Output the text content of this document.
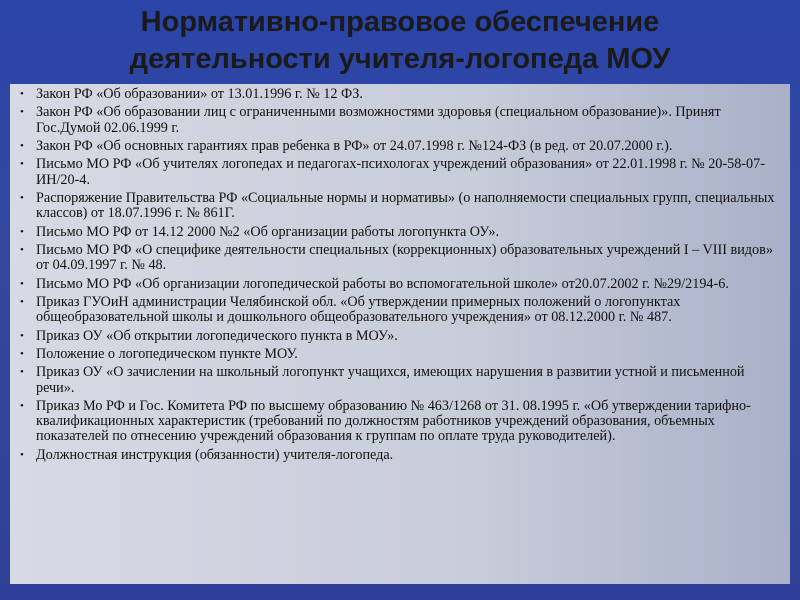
Нормативно-правовое обеспечение
деятельности учителя-логопеда МОУ
• Закон РФ «Об образовании» от 13.01.1996 г. № 12 ФЗ.
• Закон РФ «Об образовании лиц с ограниченными возможностями здоровья (специальном образование)». Принят Гос.Думой 02.06.1999 г.
• Закон РФ «Об основных гарантиях прав ребенка в РФ» от 24.07.1998 г. №124-ФЗ (в ред. от 20.07.2000 г.).
• Письмо МО РФ «Об учителях логопедах и педагогах-психологах учреждений образования» от 22.01.1998 г. № 20-58-07-ИН/20-4.
• Распоряжение Правительства РФ «Социальные нормы и нормативы» (о наполняемости специальных групп, специальных классов) от 18.07.1996 г. № 861Г.
• Письмо МО РФ от 14.12 2000 №2 «Об организации работы логопункта ОУ».
• Письмо МО РФ «О специфике деятельности специальных (коррекционных) образовательных учреждений I – VIII видов» от 04.09.1997 г. № 48.
• Письмо МО РФ «Об организации логопедической работы во вспомогательной школе» от20.07.2002 г. №29/2194-6.
• Приказ ГУОиН администрации Челябинской обл. «Об утверждении примерных положений о логопунктах общеобразовательной школы и дошкольного общеобразовательного учреждения» от 08.12.2000 г. № 487.
• Приказ ОУ «Об открытии логопедического пункта в МОУ».
• Положение о логопедическом пункте МОУ.
• Приказ ОУ «О зачислении на школьный логопункт учащихся, имеющих нарушения в развитии устной и письменной речи».
• Приказ Мо РФ и Гос. Комитета РФ по высшему образованию № 463/1268 от 31. 08.1995 г. «Об утверждении тарифно-квалификационных характеристик (требований по должностям работников учреждений образования, объемных показателей по отнесению учреждений образования к группам по оплате труда руководителей).
• Должностная инструкция (обязанности) учителя-логопеда.
